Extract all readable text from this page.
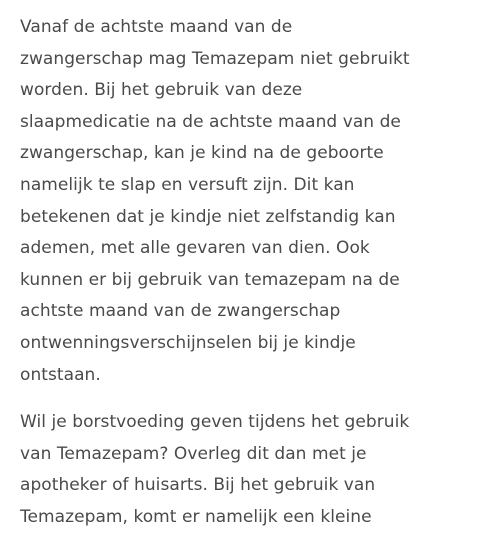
Vanaf de achtste maand van de
zwangerschap mag Temazepam niet gebruikt
worden. Bij het gebruik van deze
slaapmedicatie na de achtste maand van de
zwangerschap, kan je kind na de geboorte
namelijk te slap en versuft zijn. Dit kan
betekenen dat je kindje niet zelfstandig kan
ademen, met alle gevaren van dien. Ook
kunnen er bij gebruik van temazepam na de
achtste maand van de zwangerschap
ontwenningsverschijnselen bij je kindje
ontstaan.

Wil je borstvoeding geven tijdens het gebruik
van Temazepam? Overleg dit dan met je
apotheker of huisarts. Bij het gebruik van
Temazepam, komt er namelijk een kleine
